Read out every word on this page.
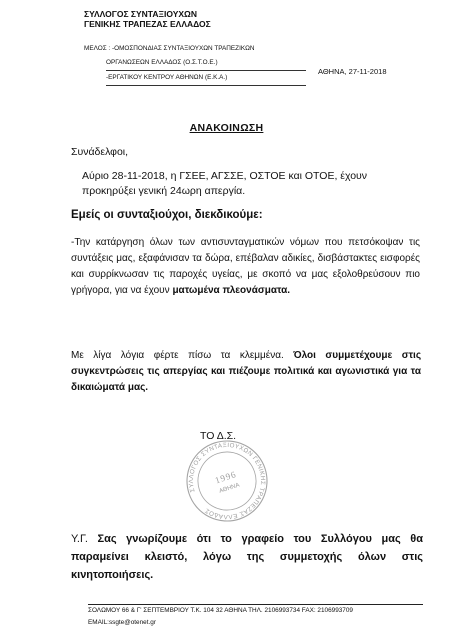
ΣΥΛΛΟΓΟΣ ΣΥΝΤΑΞΙΟΥΧΩΝ
ΓΕΝΙΚΗΣ ΤΡΑΠΕΖΑΣ ΕΛΛΑΔΟΣ
ΜΕΛΟΣ : -ΟΜΟΣΠΟΝΔΙΑΣ ΣΥΝΤΑΞΙΟΥΧΩΝ ΤΡΑΠΕΖΙΚΩΝ
ΟΡΓΑΝΩΣΕΩΝ ΕΛΛΑΔΟΣ (Ο.Σ.Τ.Ο.Ε.)
-ΕΡΓΑΤΙΚΟΥ ΚΕΝΤΡΟΥ ΑΘΗΝΩΝ (Ε.Κ.Α.)
ΑΘΗΝΑ, 27-11-2018
ΑΝΑΚΟΙΝΩΣΗ
Συνάδελφοι,
Αύριο 28-11-2018, η ΓΣΕΕ, ΑΓΣΣΕ, ΟΣΤΟΕ και ΟΤΟΕ, έχουν προκηρύξει γενική 24ωρη απεργία.
Εμείς οι συνταξιούχοι, διεκδικούμε:
-Την κατάργηση όλων των αντισυνταγματικών νόμων που πετσόκοψαν τις συντάξεις μας, εξαφάνισαν τα δώρα, επέβαλαν αδικίες, δισβάστακτες εισφορές και συρρίκνωσαν τις παροχές υγείας, με σκοπό να μας εξολοθρεύσουν πιο γρήγορα, για να έχουν ματωμένα πλεονάσματα.
Με λίγα λόγια φέρτε πίσω τα κλεμμένα. Όλοι συμμετέχουμε στις συγκεντρώσεις τις απεργίας και πιέζουμε πολιτικά και αγωνιστικά για τα δικαιώματά μας.
ΤΟ Δ.Σ.
ΣΥΛΛΟΓΟΣ ΣΥΝΤΑΞΙΟΥΧΩΝ ΓΕΝΙΚΗΣ ΤΡΑΠΕΖΑΣ ΕΛΛΑΔΟΣ
1996
ΑΘΗΝΑ
Υ.Γ. Σας γνωρίζουμε ότι το γραφείο του Συλλόγου μας θα παραμείνει κλειστό, λόγω της συμμετοχής όλων στις κινητοποιήσεις.
ΣΟΛΩΜΟΥ 66 & Γ' ΣΕΠΤΕΜΒΡΙΟΥ Τ.Κ. 104 32 ΑΘΗΝΑ ΤΗΛ. 2106993734 FAX: 2106993709
EMAIL:ssgte@otenet.gr
